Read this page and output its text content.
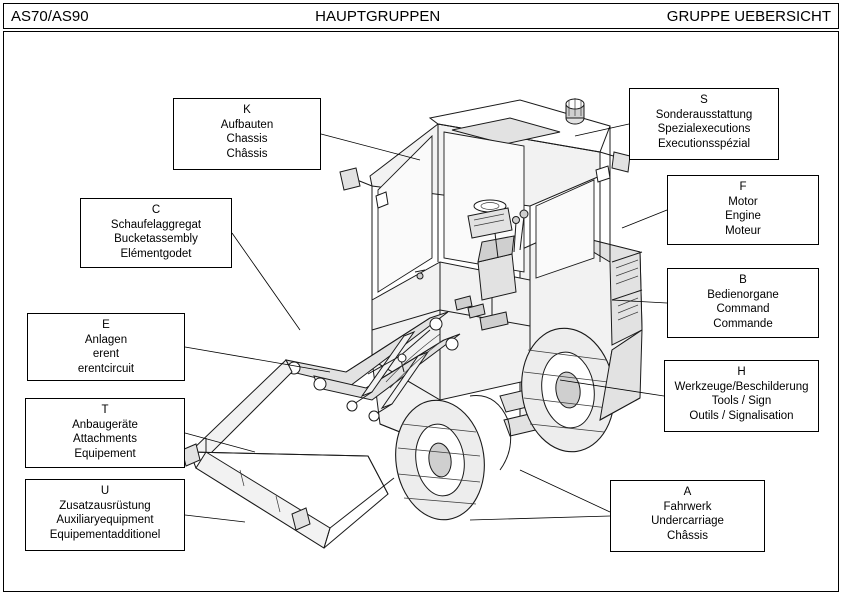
AS70/AS90	HAUPTGRUPPEN	GRUPPE UEBERSICHT
K
Aufbauten
Chassis
Châssis
S
Sonderausstattung
Spezialexecutions
Executionsspézial
C
Schaufelaggregat
Bucketassembly
Elémentgodet
F
Motor
Engine
Moteur
B
Bedienorgane
Command
Commande
E
Anlagen
erent
erentcircuit	H
Werkzeuge/Beschilderung
Tools / Sign
Outils / Signalisation
T
Anbaugeräte
Attachments
Equipement
U
Zusatzausrüstung
Auxiliaryequipment
Equipementadditionel
A
Fahrwerk
Undercarriage
Châssis
